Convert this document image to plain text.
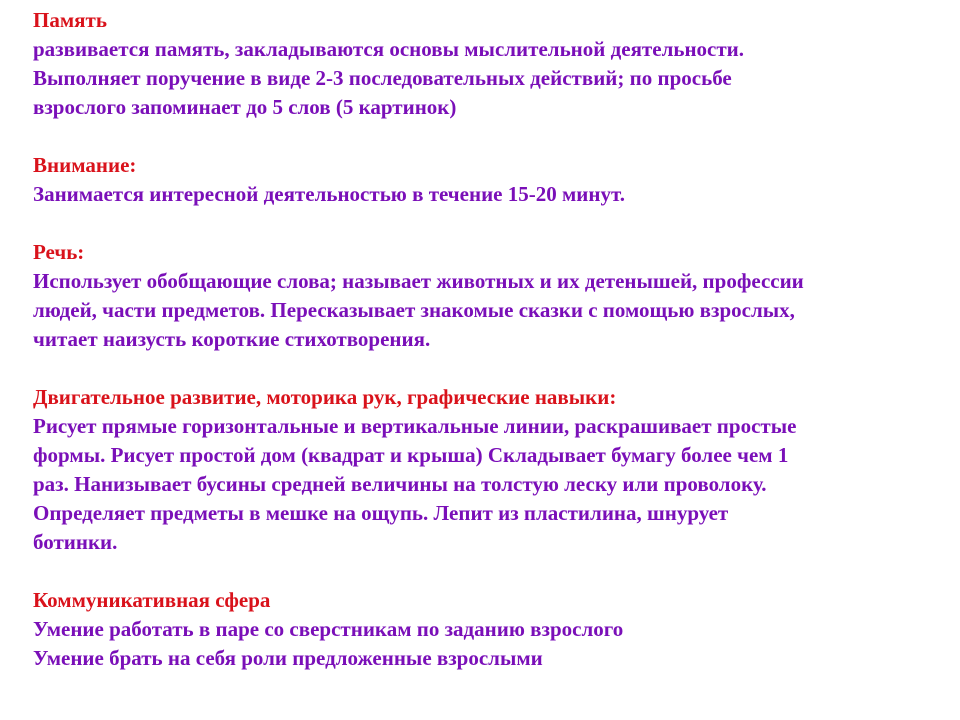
Память

развивается память, закладываются основы мыслительной деятельности.

Выполняет поручение в виде 2-3 последовательных действий; по просьбе

взрослого запоминает до 5 слов (5 картинок)

Внимание:

Занимается интересной деятельностью в течение 15-20 минут.

Речь:

Использует обобщающие слова; называет животных и их детенышей, профессии

людей, части предметов. Пересказывает знакомые сказки с помощью взрослых,

читает наизусть короткие стихотворения.

Двигательное развитие, моторика рук, графические навыки:

Рисует прямые горизонтальные и вертикальные линии, раскрашивает простые

формы. Рисует простой дом (квадрат и крыша) Складывает бумагу более чем 1

раз. Нанизывает бусины средней величины на толстую леску или проволоку.

Определяет предметы в мешке на ощупь. Лепит из пластилина, шнурует

ботинки.

Коммуникативная сфера

Умение работать в паре со сверстникам по заданию взрослого

Умение брать на себя роли предложенные взрослыми
